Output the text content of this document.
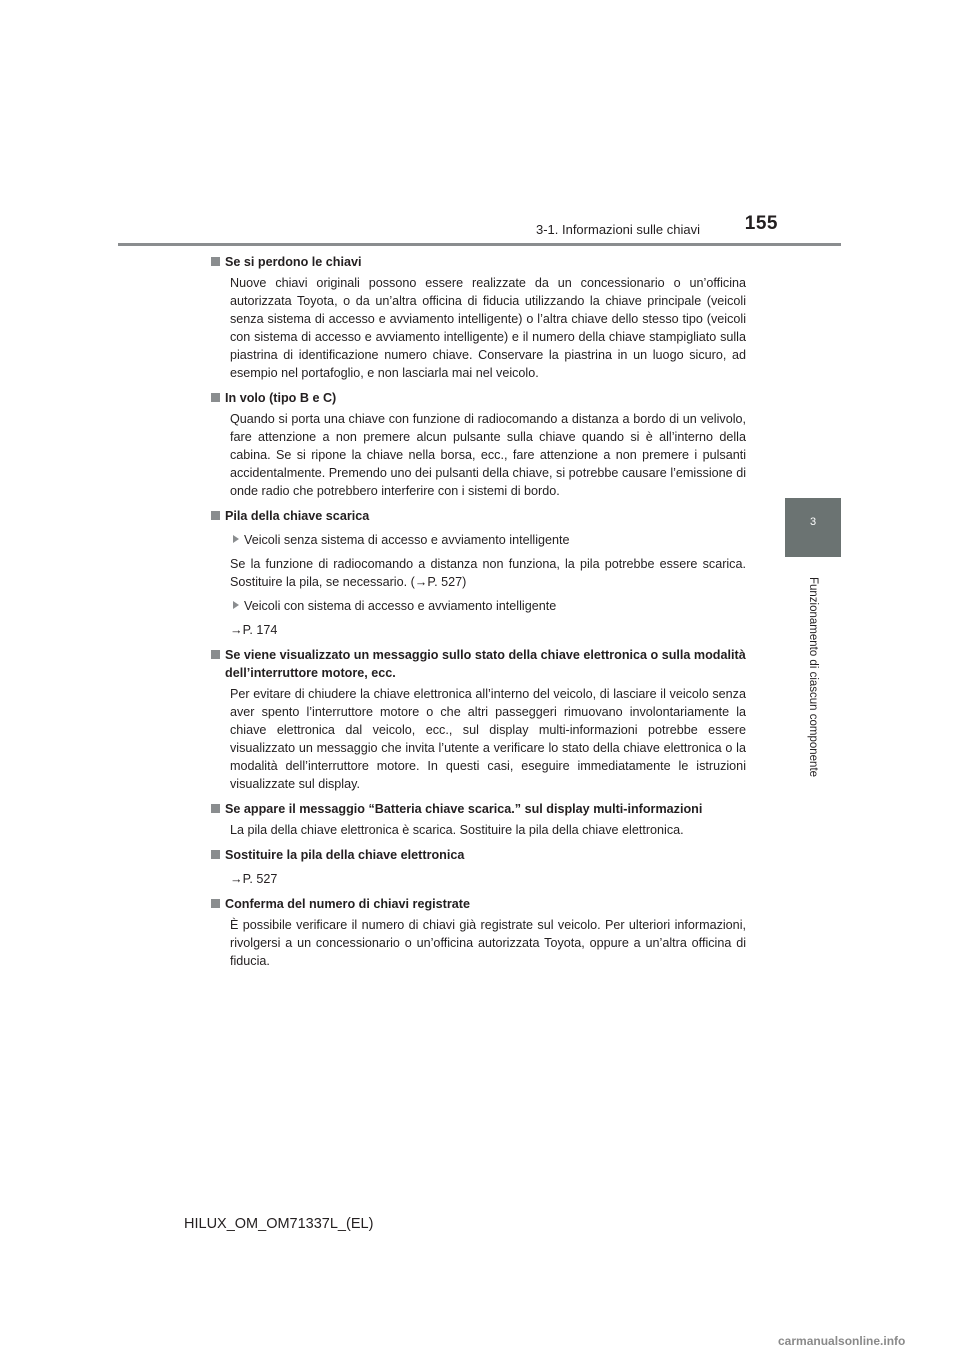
3-1. Informazioni sulle chiavi	155
3
Funzionamento di ciascun componente
Se si perdono le chiavi
Nuove chiavi originali possono essere realizzate da un concessionario o un’officina autorizzata Toyota, o da un’altra officina di fiducia utilizzando la chiave principale (veicoli senza sistema di accesso e avviamento intelligente) o l’altra chiave dello stesso tipo (veicoli con sistema di accesso e avviamento intelligente) e il numero della chiave stampigliato sulla piastrina di identificazione numero chiave. Conservare la piastrina in un luogo sicuro, ad esempio nel portafoglio, e non lasciarla mai nel veicolo.
In volo (tipo B e C)
Quando si porta una chiave con funzione di radiocomando a distanza a bordo di un velivolo, fare attenzione a non premere alcun pulsante sulla chiave quando si è all’interno della cabina. Se si ripone la chiave nella borsa, ecc., fare attenzione a non premere i pulsanti accidentalmente. Premendo uno dei pulsanti della chiave, si potrebbe causare l’emissione di onde radio che potrebbero interferire con i sistemi di bordo.
Pila della chiave scarica
Veicoli senza sistema di accesso e avviamento intelligente
Se la funzione di radiocomando a distanza non funziona, la pila potrebbe essere scarica. Sostituire la pila, se necessario. (→P. 527)
Veicoli con sistema di accesso e avviamento intelligente
→P. 174
Se viene visualizzato un messaggio sullo stato della chiave elettronica o sulla modalità dell’interruttore motore, ecc.
Per evitare di chiudere la chiave elettronica all’interno del veicolo, di lasciare il veicolo senza aver spento l’interruttore motore o che altri passeggeri rimuovano involontariamente la chiave elettronica dal veicolo, ecc., sul display multi-informazioni potrebbe essere visualizzato un messaggio che invita l’utente a verificare lo stato della chiave elettronica o la modalità dell’interruttore motore. In questi casi, eseguire immediatamente le istruzioni visualizzate sul display.
Se appare il messaggio “Batteria chiave scarica.” sul display multi-informazioni
La pila della chiave elettronica è scarica. Sostituire la pila della chiave elettronica.
Sostituire la pila della chiave elettronica
→P. 527
Conferma del numero di chiavi registrate
È possibile verificare il numero di chiavi già registrate sul veicolo. Per ulteriori informazioni, rivolgersi a un concessionario o un’officina autorizzata Toyota, oppure a un’altra officina di fiducia.
HILUX_OM_OM71337L_(EL)
carmanualsonline.info
